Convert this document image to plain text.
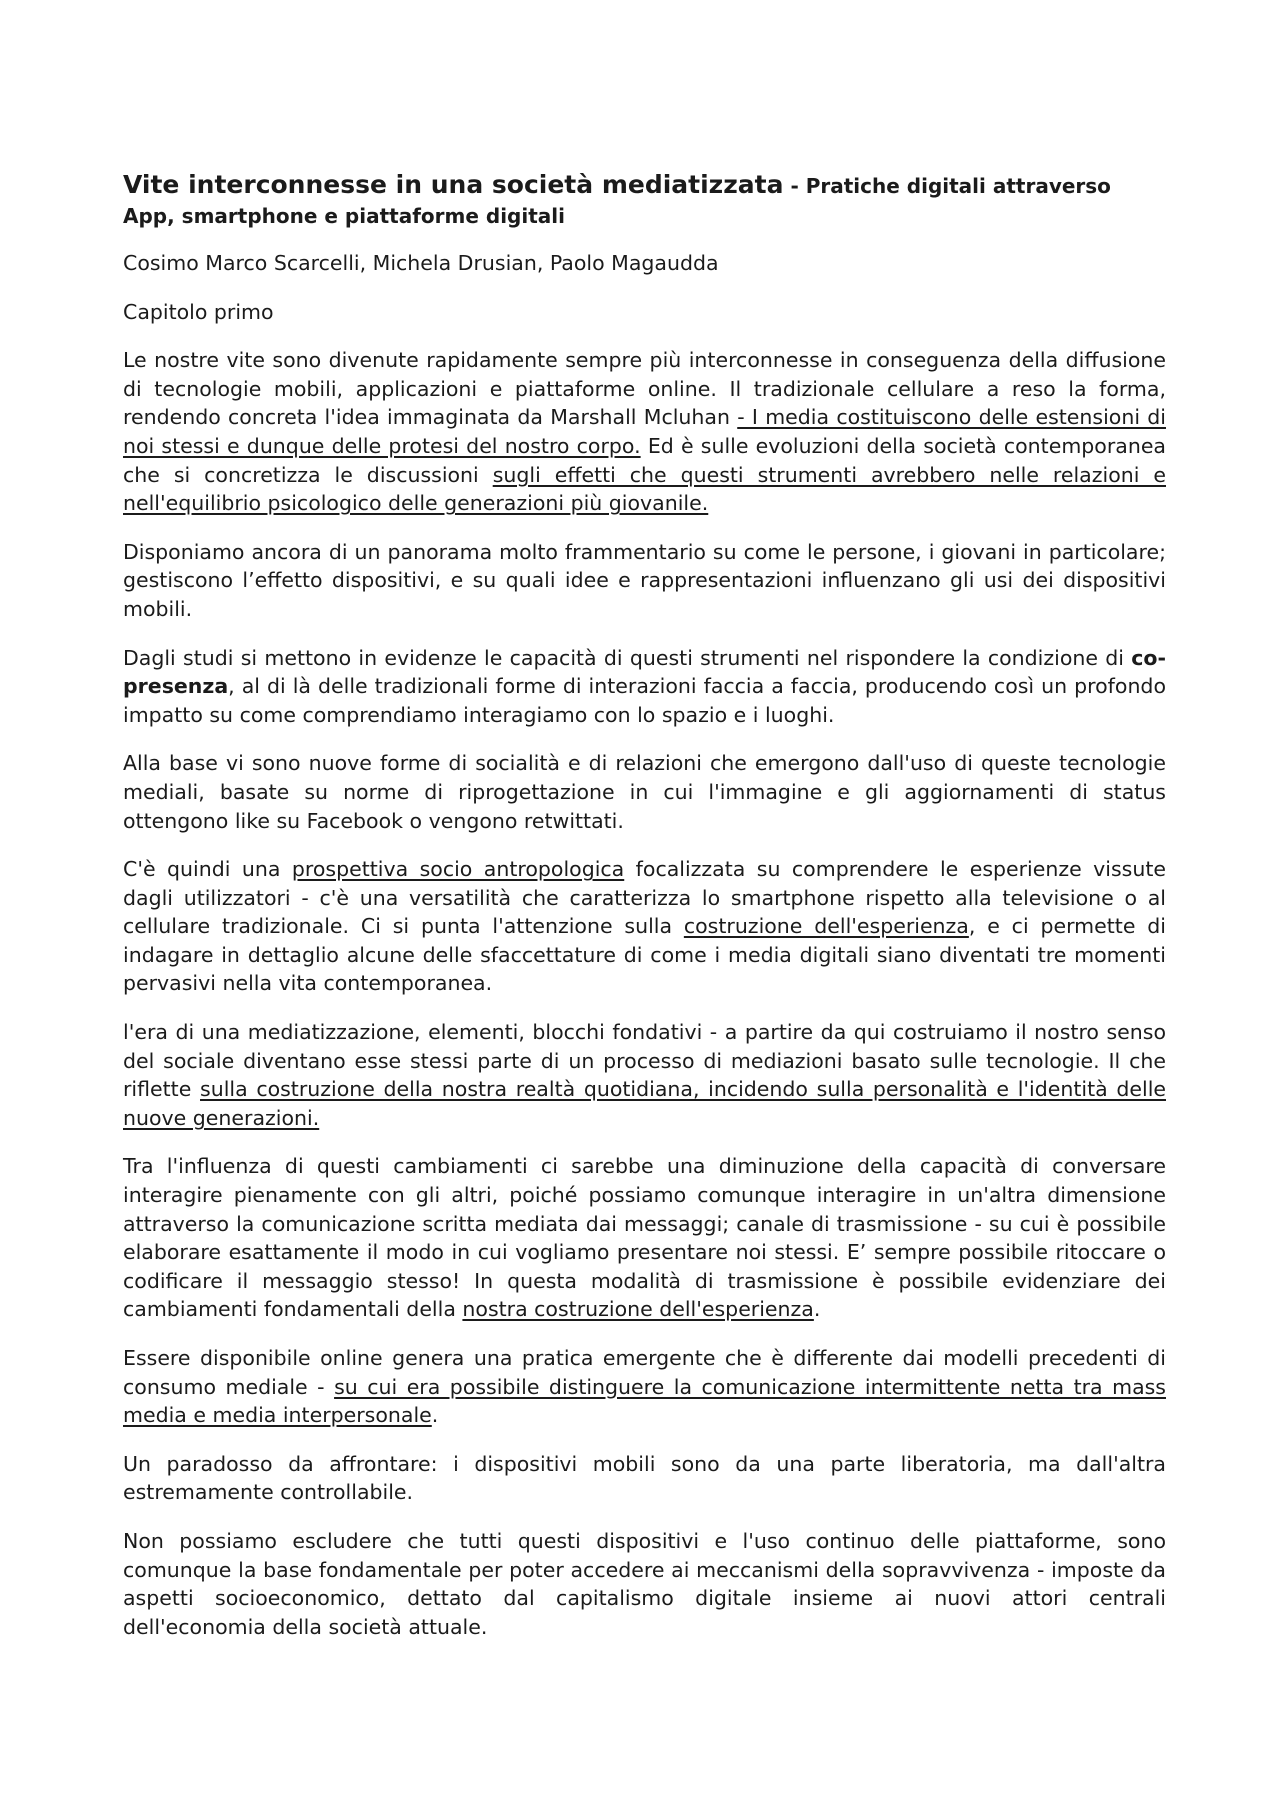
Vite interconnesse in una società mediatizzata - Pratiche digitali attraverso App, smartphone e piattaforme digitali

Cosimo Marco Scarcelli, Michela Drusian, Paolo Magaudda

Capitolo primo

Le nostre vite sono divenute rapidamente sempre più interconnesse in conseguenza della diffusione di tecnologie mobili, applicazioni e piattaforme online. Il tradizionale cellulare a reso la forma, rendendo concreta l'idea immaginata da Marshall Mcluhan - I media costituiscono delle estensioni di noi stessi e dunque delle protesi del nostro corpo. Ed è sulle evoluzioni della società contemporanea che si concretizza le discussioni sugli effetti che questi strumenti avrebbero nelle relazioni e nell'equilibrio psicologico delle generazioni più giovanile.

Disponiamo ancora di un panorama molto frammentario su come le persone, i giovani in particolare; gestiscono l’effetto dispositivi, e su quali idee e rappresentazioni influenzano gli usi dei dispositivi mobili.

Dagli studi si mettono in evidenze le capacità di questi strumenti nel rispondere la condizione di co- presenza, al di là delle tradizionali forme di interazioni faccia a faccia, producendo così un profondo impatto su come comprendiamo interagiamo con lo spazio e i luoghi.

Alla base vi sono nuove forme di socialità e di relazioni che emergono dall'uso di queste tecnologie mediali, basate su norme di riprogettazione in cui l'immagine e gli aggiornamenti di status ottengono like su Facebook o vengono retwittati.

C'è quindi una prospettiva socio antropologica focalizzata su comprendere le esperienze vissute dagli utilizzatori - c'è una versatilità che caratterizza lo smartphone rispetto alla televisione o al cellulare tradizionale. Ci si punta l'attenzione sulla costruzione dell'esperienza, e ci permette di indagare in dettaglio alcune delle sfaccettature di come i media digitali siano diventati tre momenti pervasivi nella vita contemporanea.

l'era di una mediatizzazione, elementi, blocchi fondativi - a partire da qui costruiamo il nostro senso del sociale diventano esse stessi parte di un processo di mediazioni basato sulle tecnologie. Il che riflette sulla costruzione della nostra realtà quotidiana, incidendo sulla personalità e l'identità delle nuove generazioni.

Tra l'influenza di questi cambiamenti ci sarebbe una diminuzione della capacità di conversare interagire pienamente con gli altri, poiché possiamo comunque interagire in un'altra dimensione attraverso la comunicazione scritta mediata dai messaggi; canale di trasmissione - su cui è possibile elaborare esattamente il modo in cui vogliamo presentare noi stessi. E’ sempre possibile ritoccare o codificare il messaggio stesso! In questa modalità di trasmissione è possibile evidenziare dei cambiamenti fondamentali della nostra costruzione dell'esperienza.

Essere disponibile online genera una pratica emergente che è differente dai modelli precedenti di consumo mediale - su cui era possibile distinguere la comunicazione intermittente netta tra mass media e media interpersonale.

Un paradosso da affrontare: i dispositivi mobili sono da una parte liberatoria, ma dall'altra estremamente controllabile.

Non possiamo escludere che tutti questi dispositivi e l'uso continuo delle piattaforme, sono comunque la base fondamentale per poter accedere ai meccanismi della sopravvivenza - imposte da aspetti socioeconomico, dettato dal capitalismo digitale insieme ai nuovi attori centrali dell'economia della società attuale.
